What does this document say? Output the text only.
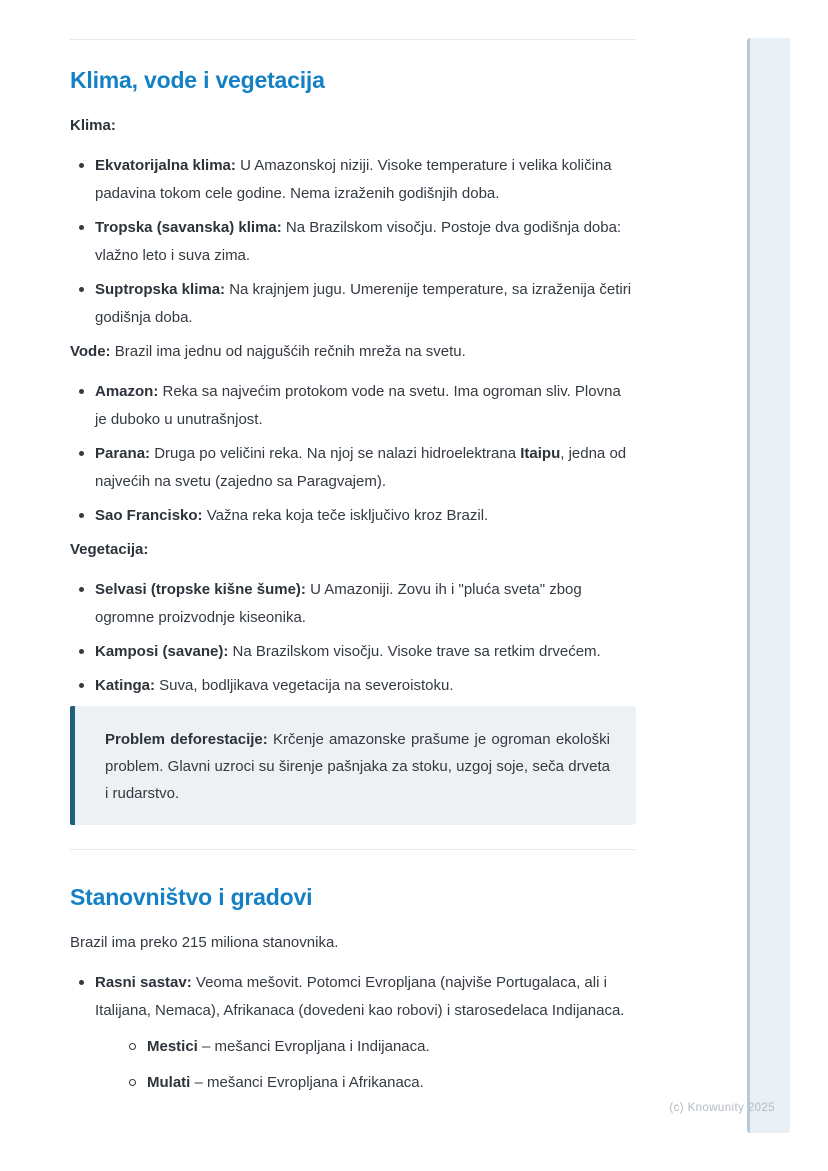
Klima, vode i vegetacija

Klima:

Ekvatorijalna klima: U Amazonskoj niziji. Visoke temperature i velika količina padavina tokom cele godine. Nema izraženih godišnjih doba.
Tropska (savanska) klima: Na Brazilskom visočju. Postoje dva godišnja doba: vlažno leto i suva zima.
Suptropska klima: Na krajnjem jugu. Umerenije temperature, sa izraženija četiri godišnja doba.

Vode: Brazil ima jednu od najgušćih rečnih mreža na svetu.

Amazon: Reka sa najvećim protokom vode na svetu. Ima ogroman sliv. Plovna je duboko u unutrašnjost.
Parana: Druga po veličini reka. Na njoj se nalazi hidroelektrana Itaipu, jedna od najvećih na svetu (zajedno sa Paragvajem).
Sao Francisko: Važna reka koja teče isključivo kroz Brazil.

Vegetacija:

Selvasi (tropske kišne šume): U Amazoniji. Zovu ih i "pluća sveta" zbog ogromne proizvodnje kiseonika.
Kamposi (savane): Na Brazilskom visočju. Visoke trave sa retkim drvećem.
Katinga: Suva, bodljikava vegetacija na severoistoku.

Problem deforestacije: Krčenje amazonske prašume je ogroman ekološki problem. Glavni uzroci su širenje pašnjaka za stoku, uzgoj soje, seča drveta i rudarstvo.

Stanovništvo i gradovi

Brazil ima preko 215 miliona stanovnika.

Rasni sastav: Veoma mešovit. Potomci Evropljana (najviše Portugalaca, ali i Italijana, Nemaca), Afrikanaca (dovedeni kao robovi) i starosedelaca Indijanaca.
Mestici – mešanci Evropljana i Indijanaca.
Mulati – mešanci Evropljana i Afrikanaca.
(c) Knowunity 2025
